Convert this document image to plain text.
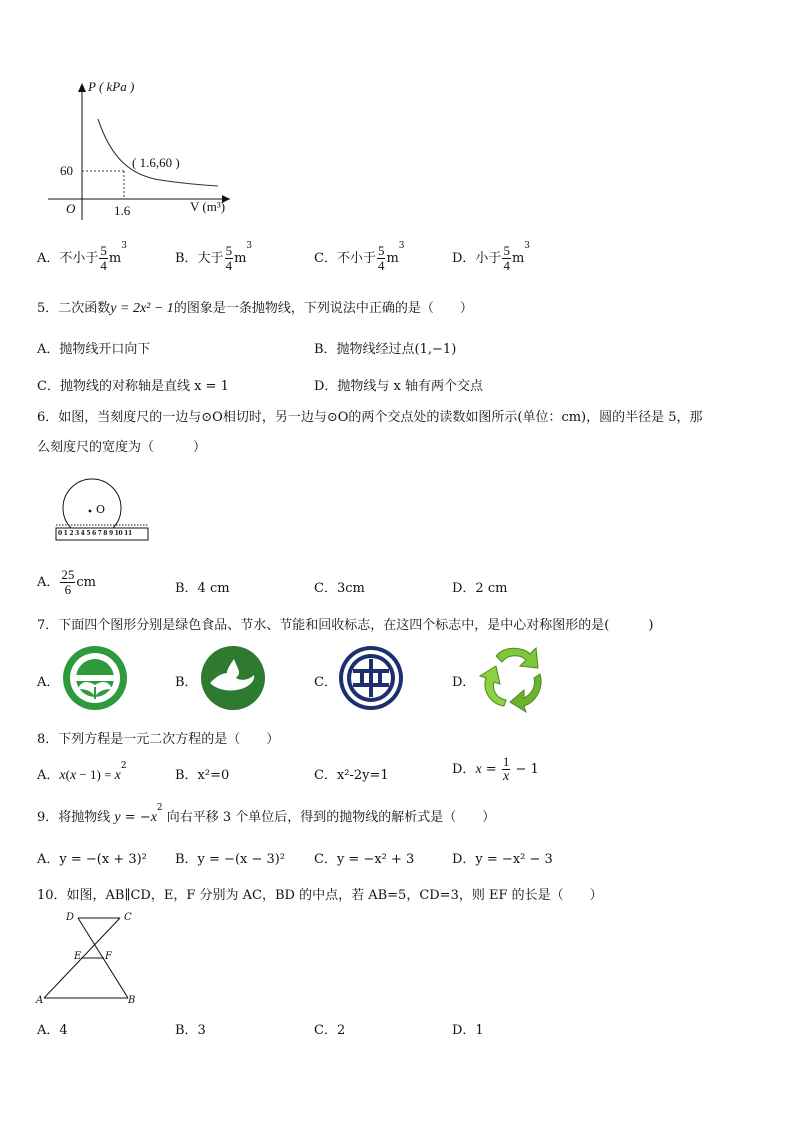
P ( kPa )
60
O	1.6
( 1.6,60 )
V (m³)
A．不小于 $\frac{5}{4} m^3$
B．大于 $\frac{5}{4} m^3$
C．不小于 $\frac{5}{4} m^3$
D．小于 $\frac{5}{4} m^3$
5．二次函数y = 2x² − 1的图象是一条抛物线，下列说法中正确的是（　　）
A．抛物线开口向下	B．抛物线经过点(1,−1)
C．抛物线的对称轴是直线 x = 1	D．抛物线与 x 轴有两个交点
6．如图，当刻度尺的一边与⊙O相切时，另一边与⊙O的两个交点处的读数如图所示(单位：cm)，圆的半径是 5，那
么刻度尺的宽度为（　　　）
O
0 1 2 3 4 5 6 7 8 9 10 11
A． $\frac{25}{6}$ cm	B．4 cm	C．3cm	D．2 cm
7．下面四个图形分别是绿色食品、节水、节能和回收标志，在这四个标志中，是中心对称图形的是(　　　)
A．	B．	C．	D．
8．下列方程是一元二次方程的是（　　）
A．$x(x - 1) = x^2$
B．x²=0	C．x²-2y=1	D．$x = \frac{1}{x} - 1$
9．将抛物线 $y = -x^2$ 向右平移 3 个单位后，得到的抛物线的解析式是（　　）
A．y = −(x + 3)² B．y = −(x − 3)² C．y = −x² + 3	D．y = −x² − 3
10．如图，AB∥CD，E，F 分别为 AC，BD 的中点，若 AB=5，CD=3，则 EF 的长是（　　）
D	C
E F
A	B
A．4	B．3	C．2	D．1
